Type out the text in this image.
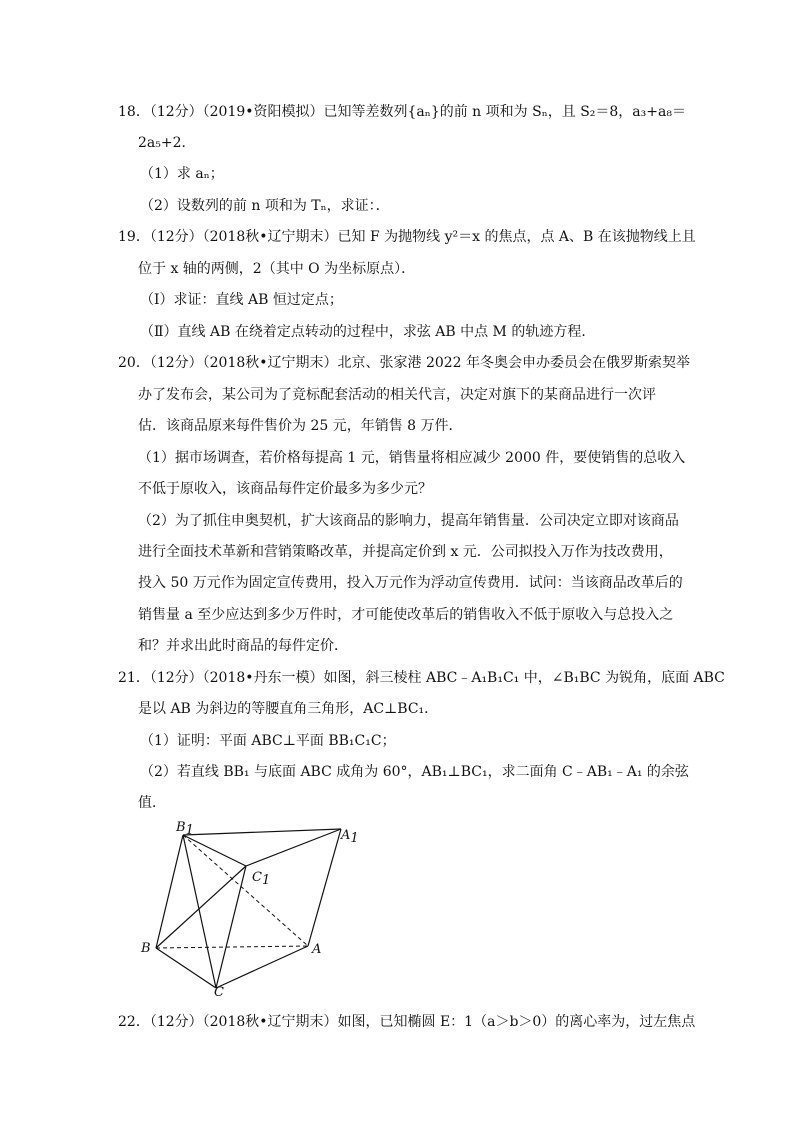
18．（12分）（2019•资阳模拟）已知等差数列{aₙ}的前 n 项和为 Sₙ，且 S₂＝8，a₃+a₈＝
2a₅+2．
（1）求 aₙ；
（2）设数列的前 n 项和为 Tₙ，求证：．
19．（12分）（2018秋•辽宁期末）已知 F 为抛物线 y²＝x 的焦点，点 A、B 在该抛物线上且
位于 x 轴的两侧，2（其中 O 为坐标原点）．
（Ⅰ）求证：直线 AB 恒过定点；
（Ⅱ）直线 AB 在绕着定点转动的过程中，求弦 AB 中点 M 的轨迹方程．
20．（12分）（2018秋•辽宁期末）北京、张家港 2022 年冬奥会申办委员会在俄罗斯索契举
办了发布会，某公司为了竞标配套活动的相关代言，决定对旗下的某商品进行一次评
估．该商品原来每件售价为 25 元，年销售 8 万件．
（1）据市场调查，若价格每提高 1 元，销售量将相应减少 2000 件，要使销售的总收入
不低于原收入，该商品每件定价最多为多少元？
（2）为了抓住申奥契机，扩大该商品的影响力，提高年销售量．公司决定立即对该商品
进行全面技术革新和营销策略改革，并提高定价到 x 元．公司拟投入万作为技改费用，
投入 50 万元作为固定宣传费用，投入万元作为浮动宣传费用．试问：当该商品改革后的
销售量 a 至少应达到多少万件时，才可能使改革后的销售收入不低于原收入与总投入之
和？并求出此时商品的每件定价．
21．（12分）（2018•丹东一模）如图，斜三棱柱 ABC﹣A₁B₁C₁ 中，∠B₁BC 为锐角，底面 ABC
是以 AB 为斜边的等腰直角三角形，AC⊥BC₁．
（1）证明：平面 ABC⊥平面 BB₁C₁C；
（2）若直线 BB₁ 与底面 ABC 成角为 60°，AB₁⊥BC₁，求二面角 C﹣AB₁﹣A₁ 的余弦
值．
B1	A1
C1
B	A
C
22．（12分）（2018秋•辽宁期末）如图，已知椭圆 E：1（a＞b＞0）的离心率为，过左焦点
